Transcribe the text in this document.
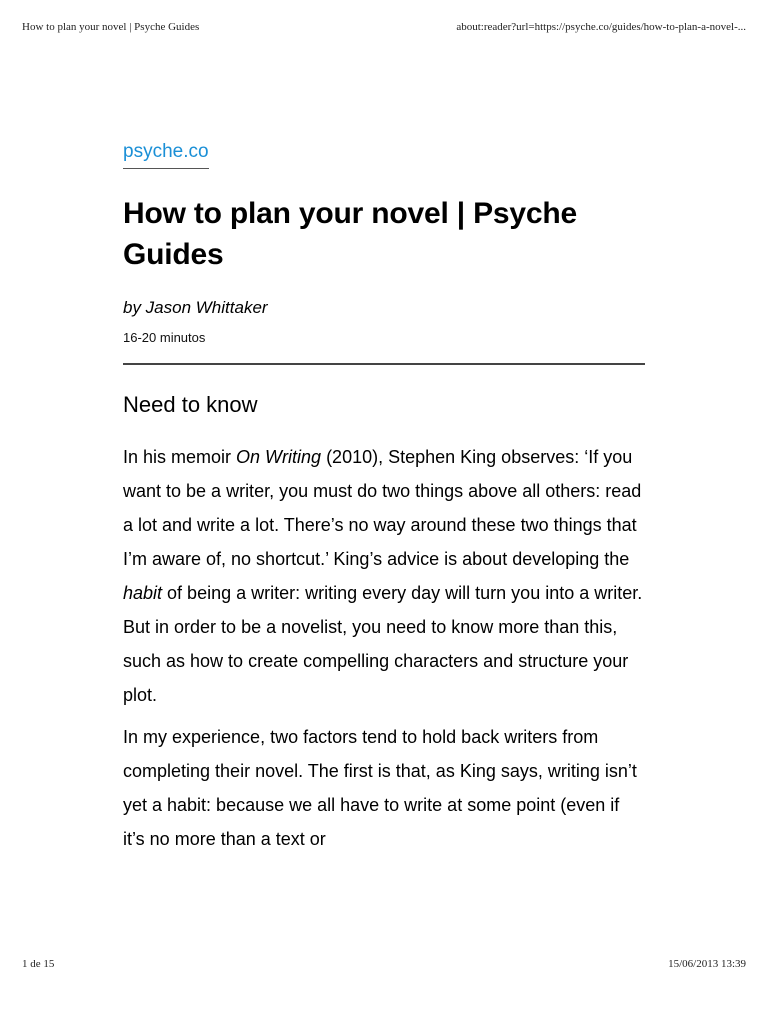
How to plan your novel | Psyche Guides	about:reader?url=https://psyche.co/guides/how-to-plan-a-novel-...
psyche.co
How to plan your novel | Psyche Guides
by Jason Whittaker
16-20 minutos
Need to know

In his memoir On Writing (2010), Stephen King observes: ‘If you want to be a writer, you must do two things above all others: read a lot and write a lot. There’s no way around these two things that I’m aware of, no shortcut.’ King’s advice is about developing the habit of being a writer: writing every day will turn you into a writer. But in order to be a novelist, you need to know more than this, such as how to create compelling characters and structure your plot.

In my experience, two factors tend to hold back writers from completing their novel. The first is that, as King says, writing isn’t yet a habit: because we all have to write at some point (even if it’s no more than a text or

1 de 15	15/06/2013 13:39
